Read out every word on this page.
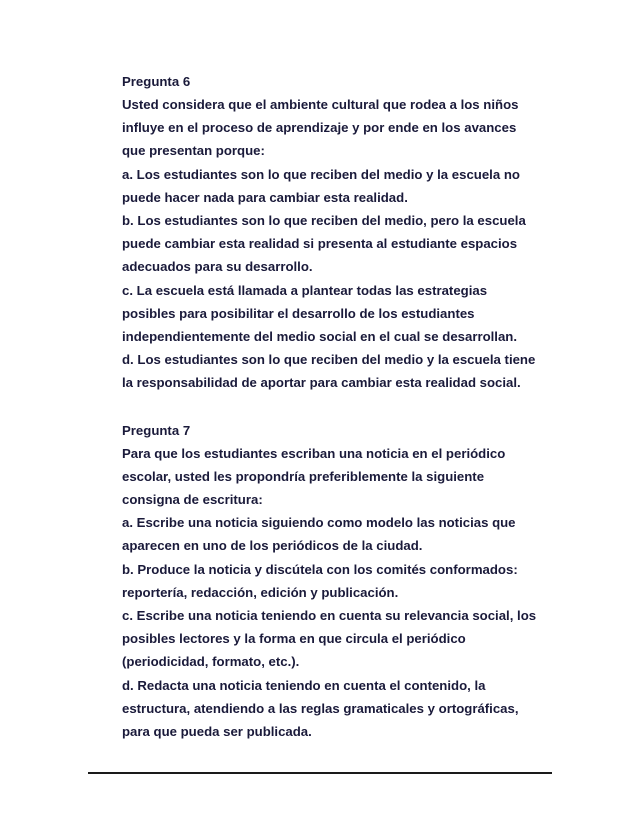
Pregunta 6

Usted considera que el ambiente cultural que rodea a los niños
influye en el proceso de aprendizaje y por ende en los avances
que presentan porque:
a. Los estudiantes son lo que reciben del medio y la escuela no
puede hacer nada para cambiar esta realidad.
b. Los estudiantes son lo que reciben del medio, pero la escuela
puede cambiar esta realidad si presenta al estudiante espacios
adecuados para su desarrollo.
c. La escuela está llamada a plantear todas las estrategias
posibles para posibilitar el desarrollo de los estudiantes
independientemente del medio social en el cual se desarrollan.
d. Los estudiantes son lo que reciben del medio y la escuela tiene
la responsabilidad de aportar para cambiar esta realidad social.

Pregunta 7

Para que los estudiantes escriban una noticia en el periódico
escolar, usted les propondría preferiblemente la siguiente
consigna de escritura:
a. Escribe una noticia siguiendo como modelo las noticias que
aparecen en uno de los periódicos de la ciudad.
b. Produce la noticia y discútela con los comités conformados:
reportería, redacción, edición y publicación.
c. Escribe una noticia teniendo en cuenta su relevancia social, los
posibles lectores y la forma en que circula el periódico
(periodicidad, formato, etc.).
d. Redacta una noticia teniendo en cuenta el contenido, la
estructura, atendiendo a las reglas gramaticales y ortográficas,
para que pueda ser publicada.
